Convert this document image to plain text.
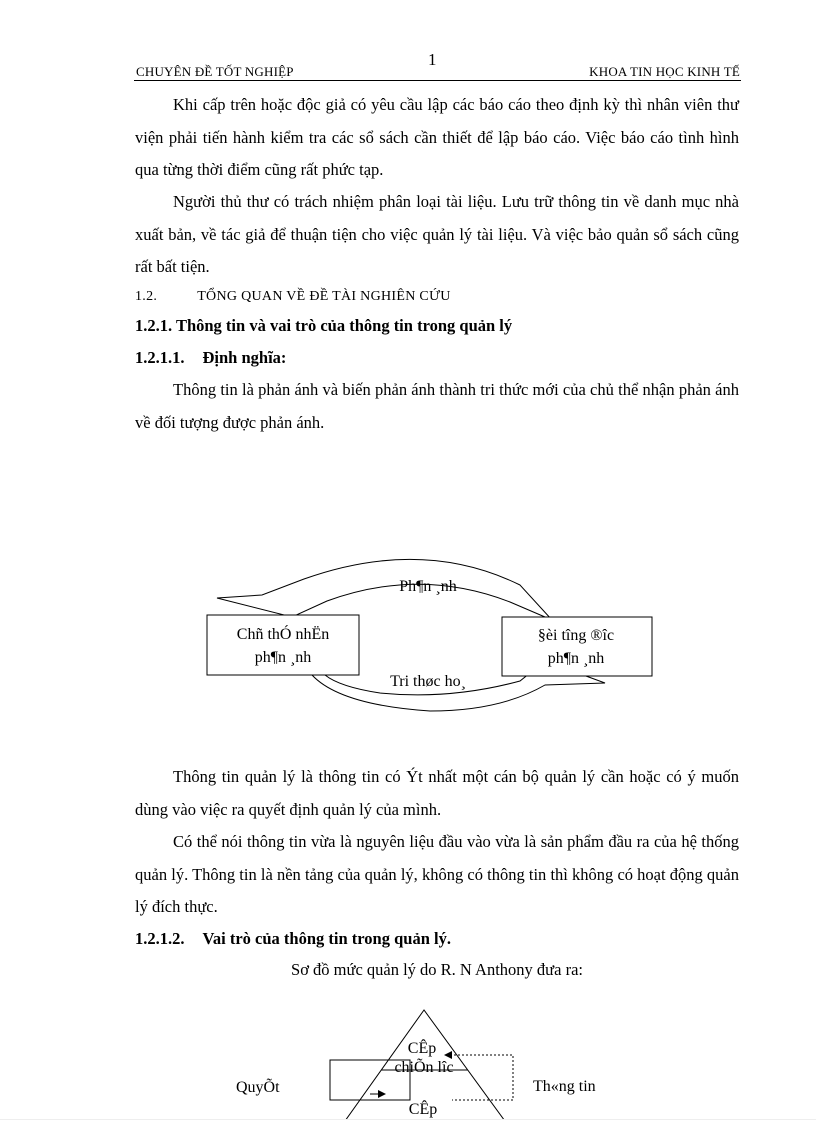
1
CHUYÊN ĐỀ TỐT NGHIỆP	KHOA TIN HỌC KINH TẾ

Khi cấp trên hoặc độc giả có yêu cầu lập các báo cáo theo định kỳ thì nhân viên thư viện phải tiến hành kiểm tra các sổ sách cần thiết để lập báo cáo. Việc báo cáo tình hình qua từng thời điểm cũng rất phức tạp.

Người thủ thư có trách nhiệm phân loại tài liệu. Lưu trữ thông tin về danh mục nhà xuất bản, về tác giả để thuận tiện cho việc quản lý tài liệu. Và việc bảo quản sổ sách cũng rất bất tiện.

1.2.	TỔNG QUAN VỀ ĐỀ TÀI NGHIÊN CỨU
1.2.1. Thông tin và vai trò của thông tin trong quản lý
1.2.1.1. Định nghĩa:

Thông tin là phản ánh và biến phản ánh thành tri thức mới của chủ thể nhận phản ánh về đối tượng được phản ánh.

Ph¶n ¸nh
Chñ thÓ nhËn
ph¶n ¸nh
§èi tîng ®îc
ph¶n ¸nh
Tri thøc ho¸

Thông tin quản lý là thông tin có Ýt nhất một cán bộ quản lý cần hoặc có ý muốn dùng vào việc ra quyết định quản lý của mình.

Có thể nói thông tin vừa là nguyên liệu đầu vào vừa là sản phẩm đầu ra của hệ thống quản lý. Thông tin là nền tảng của quản lý, không có thông tin thì không có hoạt động quản lý đích thực.

1.2.1.2. Vai trò của thông tin trong quản lý.
Sơ đồ mức quản lý do R. N Anthony đưa ra:
CÊp
chiÕn lîc
CÊp
QuyÕt	Th«ng tin
